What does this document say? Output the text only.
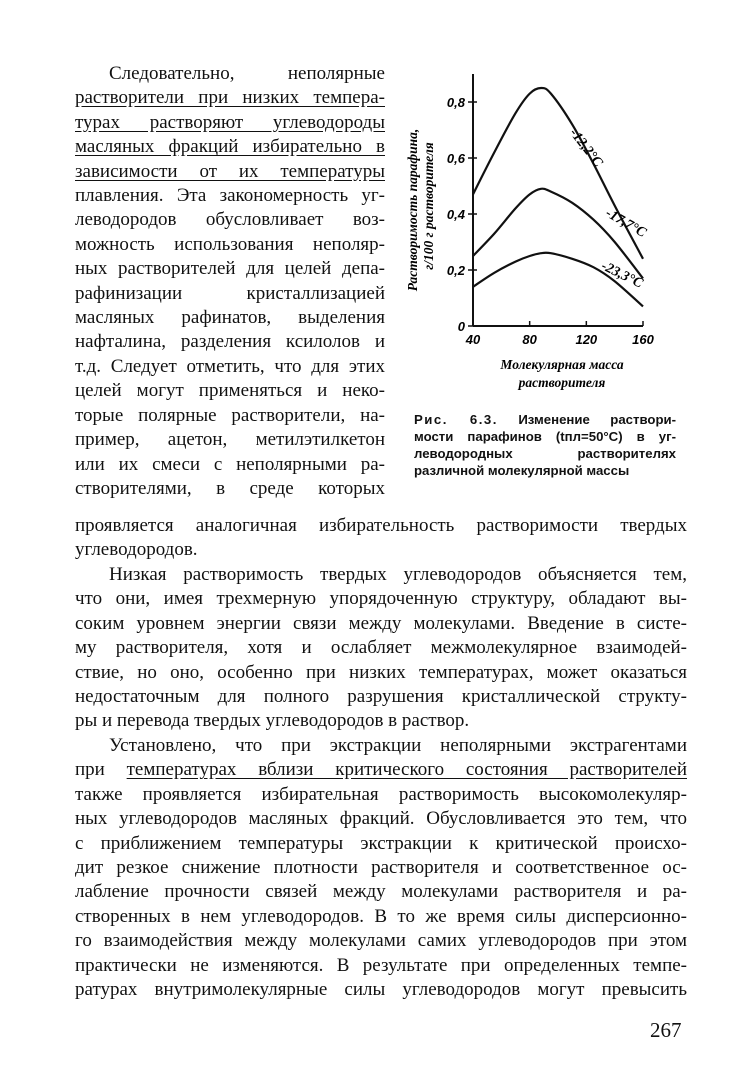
Следовательно, неполярные
растворители при низких темпера-
турах растворяют углеводороды
масляных фракций избирательно в
зависимости от их температуры
плавления. Эта закономерность уг-
леводородов обусловливает воз-
можность использования неполяр-
ных растворителей для целей депа-
рафинизации кристаллизацией
масляных рафинатов, выделения
нафталина, разделения ксилолов и
т.д. Следует отметить, что для этих
целей могут применяться и неко-
торые полярные растворители, на-
пример, ацетон, метилэтилкетон
или их смеси с неполярными ра-
створителями, в среде которых
0
0,2
0,4
0,6
0,8
40	80	120	160
Молекулярная масса
растворителя
Растворимость парафина, г/100 г растворителя	-12,2°С
-17,7°С
-23,3°С
Рис. 6.3. Изменение раствори-
мости парафинов (tпл=50°С) в уг-
леводородных растворителях
различной молекулярной массы
проявляется аналогичная избирательность растворимости твердых
углеводородов.
Низкая растворимость твердых углеводородов объясняется тем,
что они, имея трехмерную упорядоченную структуру, обладают вы-
соким уровнем энергии связи между молекулами. Введение в систе-
му растворителя, хотя и ослабляет межмолекулярное взаимодей-
ствие, но оно, особенно при низких температурах, может оказаться
недостаточным для полного разрушения кристаллической структу-
ры и перевода твердых углеводородов в раствор.
Установлено, что при экстракции неполярными экстрагентами
при температурах вблизи критического состояния растворителей
также проявляется избирательная растворимость высокомолекуляр-
ных углеводородов масляных фракций. Обусловливается это тем, что
с приближением температуры экстракции к критической происхо-
дит резкое снижение плотности растворителя и соответственное ос-
лабление прочности связей между молекулами растворителя и ра-
створенных в нем углеводородов. В то же время силы дисперсионно-
го взаимодействия между молекулами самих углеводородов при этом
практически не изменяются. В результате при определенных темпе-
ратурах внутримолекулярные силы углеводородов могут превысить
267
